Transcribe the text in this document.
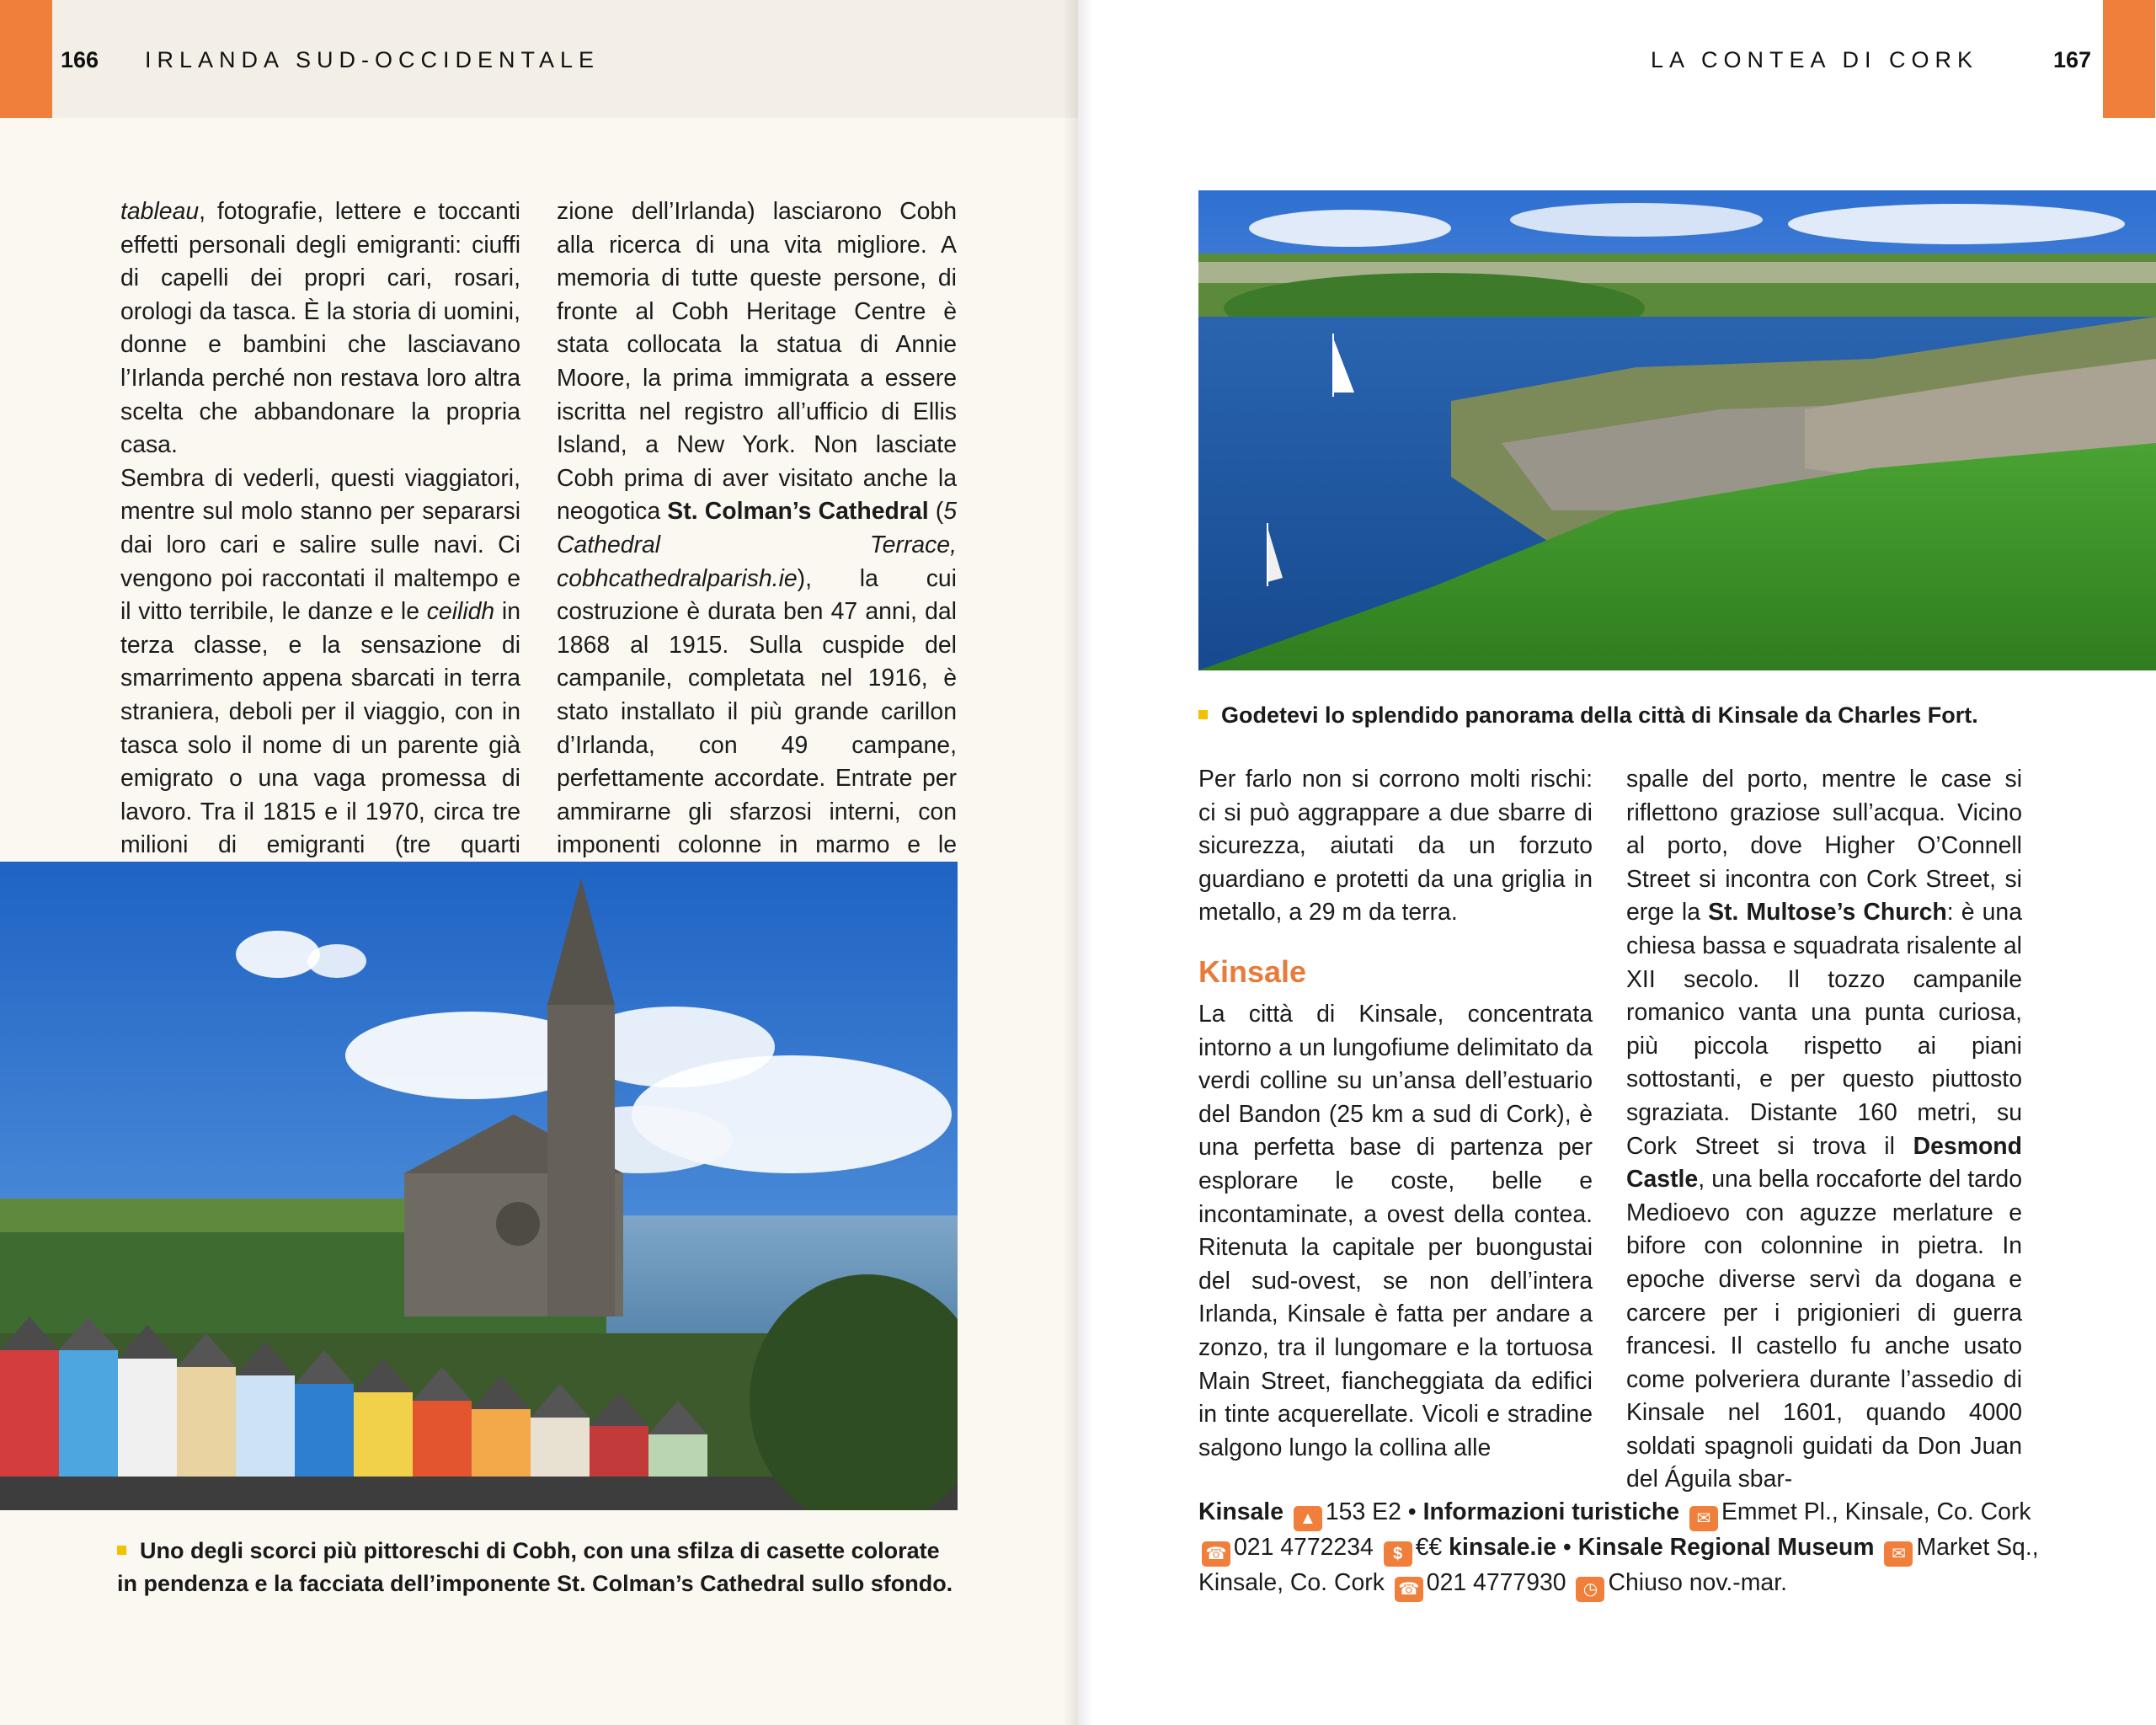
166 IRLANDA SUD-OCCIDENTALE

tableau, fotografie, lettere e toccanti effetti personali degli emigranti: ciuffi di capelli dei propri cari, rosari, orologi da tasca. È la storia di uomini, donne e bambini che lasciavano l’Irlanda perché non restava loro altra scelta che abbandonare la propria casa.

Sembra di vederli, questi viaggiatori, mentre sul molo stanno per separarsi dai loro cari e salire sulle navi. Ci vengono poi raccontati il maltempo e il vitto terribile, le danze e le ceilidh in terza classe, e la sensazione di smarrimento appena sbarcati in terra straniera, deboli per il viaggio, con in tasca solo il nome di un parente già emigrato o una vaga promessa di lavoro. Tra il 1815 e il 1970, circa tre milioni di emigranti (tre quarti

zione dell’Irlanda) lasciarono Cobh alla ricerca di una vita migliore. A memoria di tutte queste persone, di fronte al Cobh Heritage Centre è stata collocata la statua di Annie Moore, la prima immigrata a essere iscritta nel registro all’ufficio di Ellis Island, a New York. Non lasciate Cobh prima di aver visitato anche la neogotica St. Colman’s Cathedral (5 Cathedral Terrace, cobhcathedralparish.ie), la cui costruzione è durata ben 47 anni, dal 1868 al 1915. Sulla cuspide del campanile, completata nel 1916, è stato installato il più grande carillon d’Irlanda, con 49 campane, perfettamente accordate. Entrate per ammirarne gli sfarzosi interni, con imponenti colonne in marmo e le

Uno degli scorci più pittoreschi di Cobh, con una sfilza di casette colorate in pendenza e la facciata dell’imponente St. Colman’s Cathedral sullo sfondo.
LA CONTEA DI CORK	167
Godetevi lo splendido panorama della città di Kinsale da Charles Fort.

Per farlo non si corrono molti rischi: ci si può aggrappare a due sbarre di sicurezza, aiutati da un forzuto guardiano e protetti da una griglia in metallo, a 29 m da terra.

Kinsale

La città di Kinsale, concentrata intorno a un lungofiume delimitato da verdi colline su un’ansa dell’estuario del Bandon (25 km a sud di Cork), è una perfetta base di partenza per esplorare le coste, belle e incontaminate, a ovest della contea. Ritenuta la capitale per buongustai del sud-ovest, se non dell’intera Irlanda, Kinsale è fatta per andare a zonzo, tra il lungomare e la tortuosa Main Street, fiancheggiata da edifici in tinte acquerellate. Vicoli e stradine salgono lungo la collina alle

spalle del porto, mentre le case si riflettono graziose sull’acqua. Vicino al porto, dove Higher O’Connell Street si incontra con Cork Street, si erge la St. Multose’s Church: è una chiesa bassa e squadrata risalente al XII secolo. Il tozzo campanile romanico vanta una punta curiosa, più piccola rispetto ai piani sottostanti, e per questo piuttosto sgraziata. Distante 160 metri, su Cork Street si trova il Desmond Castle, una bella roccaforte del tardo Medioevo con aguzze merlature e bifore con colonnine in pietra. In epoche diverse servì da dogana e carcere per i prigionieri di guerra francesi. Il castello fu anche usato come polveriera durante l’assedio di Kinsale nel 1601, quando 4000 soldati spagnoli guidati da Don Juan del Águila sbar-

Kinsale ▲ 153 E2 • Informazioni turistiche ✉ Emmet Pl., Kinsale, Co. Cork ☎ 021 4772234 $ €€ kinsale.ie • Kinsale Regional Museum ✉ Market Sq., Kinsale, Co. Cork ☎ 021 4777930 ◷ Chiuso nov.-mar.
